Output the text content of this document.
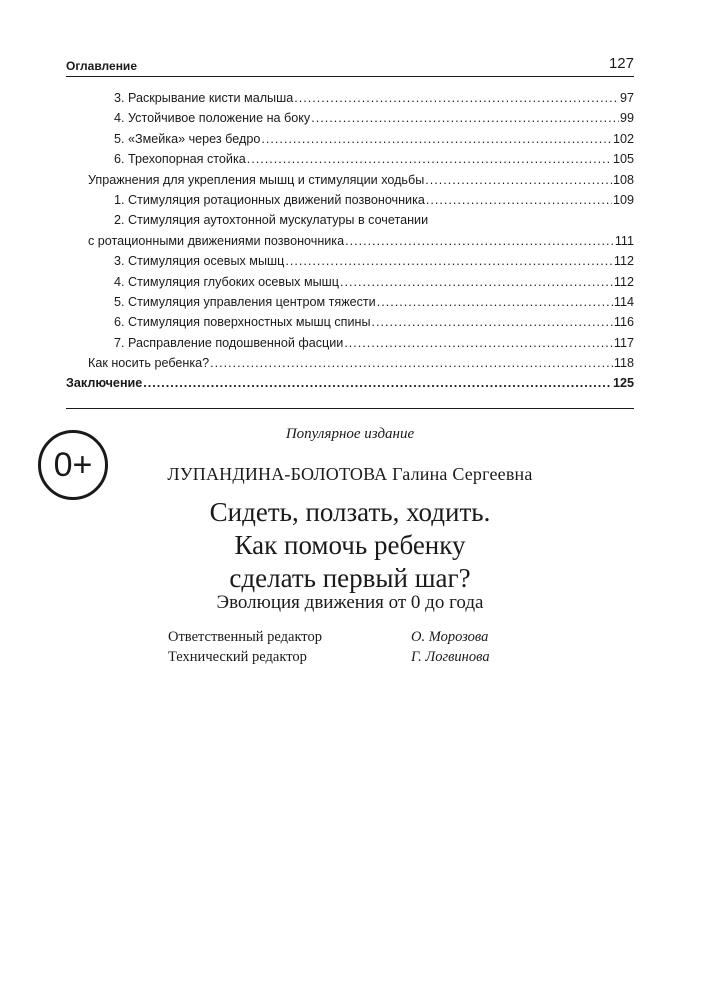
Оглавление	127
3. Раскрывание кисти малыша .....	97
4. Устойчивое положение на боку .....	99
5. «Змейка» через бедро .....	102
6. Трехопорная стойка .....	105
Упражнения для укрепления мышц и стимуляции ходьбы .....	108
1. Стимуляция ротационных движений позвоночника .....	109
2. Стимуляция аутохтонной мускулатуры в сочетании
с ротационными движениями позвоночника .....	111
3. Стимуляция осевых мышц .....	112
4. Стимуляция глубоких осевых мышц .....	112
5. Стимуляция управления центром тяжести .....	114
6. Стимуляция поверхностных мышц спины .....	116
7. Расправление подошвенной фасции .....	117
Как носить ребенка? .....	118
Заключение .....	125
0+
Популярное издание
ЛУПАНДИНА-БОЛОТОВА Галина Сергеевна
Сидеть, ползать, ходить.
Как помочь ребенку
сделать первый шаг?
Эволюция движения от 0 до года
Ответственный редактор	О. Морозова
Технический редактор	Г. Логвинова
